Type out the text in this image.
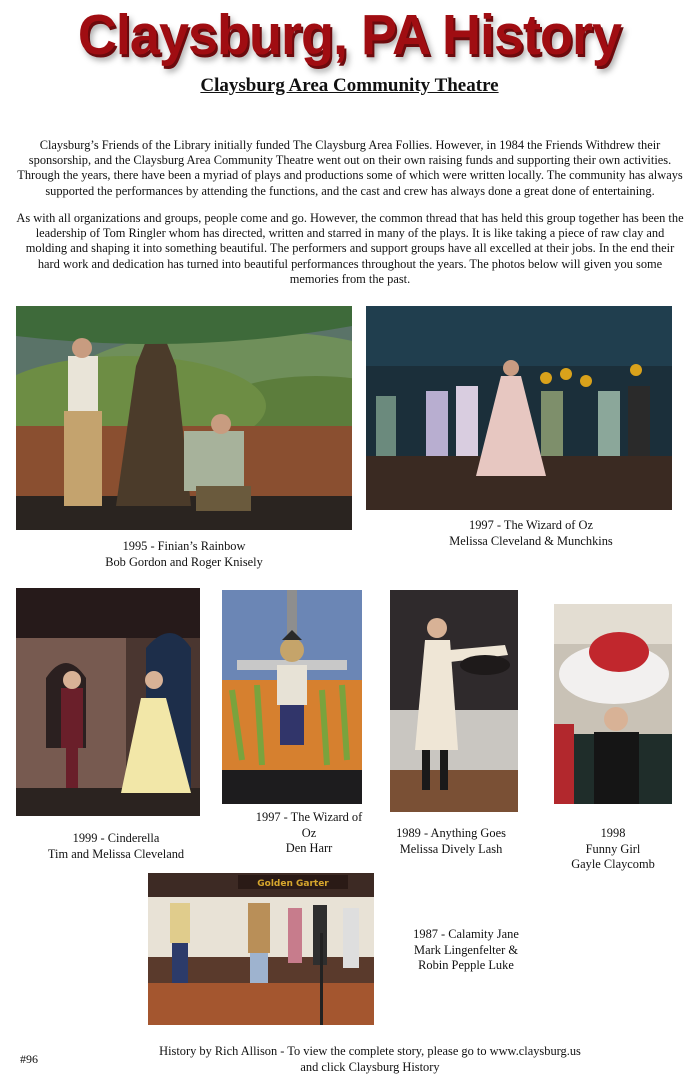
Claysburg, PA History
Claysburg Area Community Theatre
Claysburg’s Friends of the Library initially funded The Claysburg Area Follies. However, in 1984 the Friends Withdrew their sponsorship, and the Claysburg Area Community Theatre went out on their own raising funds and supporting their own activities. Through the years, there have been a myriad of plays and productions some of which were written locally. The community has always supported the performances by attending the functions, and the cast and crew has always done a great done of entertaining.
As with all organizations and groups, people come and go. However, the common thread that has held this group together has been the leadership of Tom Ringler whom has directed, written and starred in many of the plays. It is like taking a piece of raw clay and molding and shaping it into something beautiful. The performers and support groups have all excelled at their jobs. In the end their hard work and dedication has turned into beautiful performances throughout the years. The photos below will given you some memories from the past.
1995 - Finian’s Rainbow
Bob Gordon and Roger Knisely
1997 - The Wizard of Oz
Melissa Cleveland & Munchkins
1999 - Cinderella
Tim and Melissa Cleveland
1997 - The Wizard of
Oz
Den Harr
1989 - Anything Goes
Melissa Dively Lash
1998
Funny Girl
Gayle Claycomb
Golden Garter
1987 - Calamity Jane
Mark Lingenfelter &
Robin Pepple Luke
History by Rich Allison - To view the complete story, please go to www.claysburg.us
and click Claysburg History
#96
